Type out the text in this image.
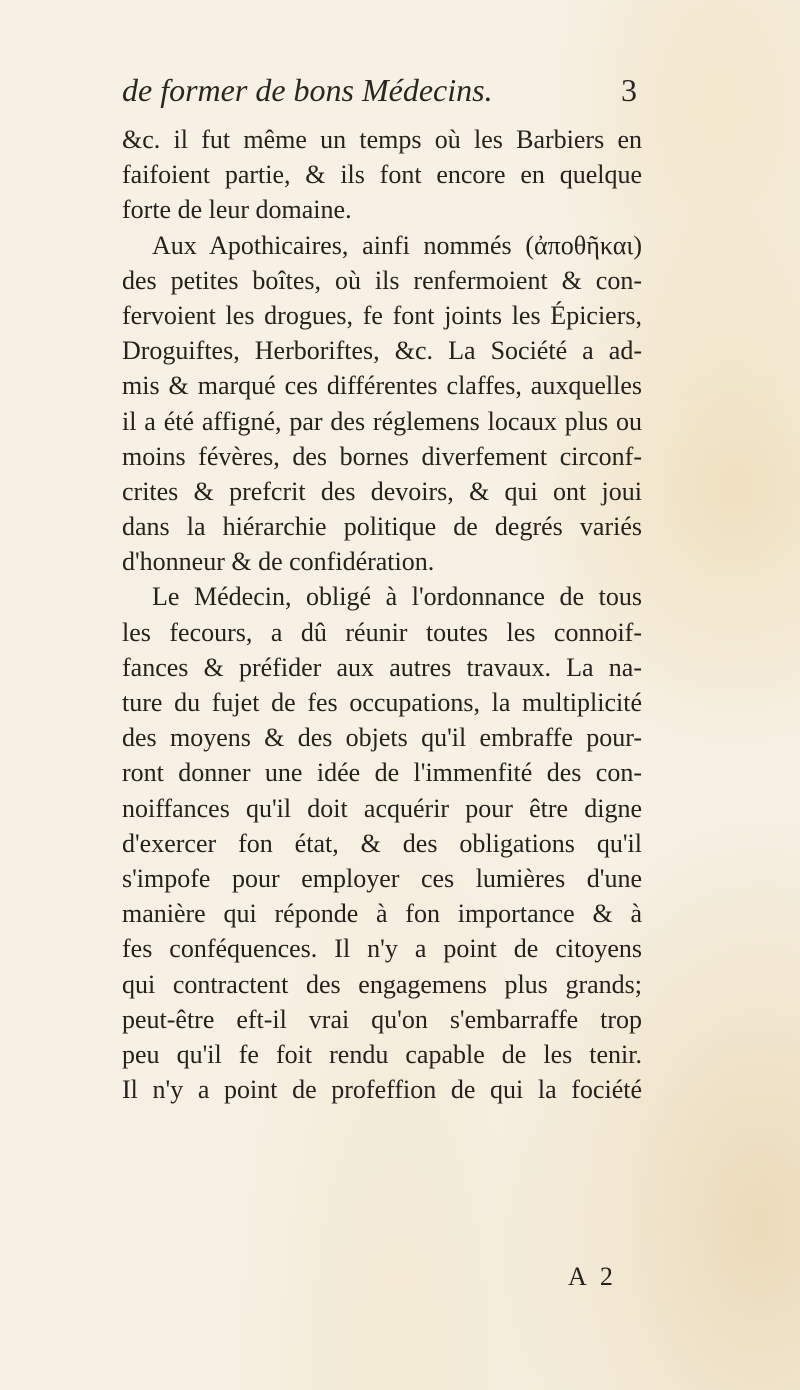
de former de bons Médecins.	3
&c. il fut même un temps où les Barbiers en
faifoient partie, & ils font encore en quelque
forte de leur domaine.
Aux Apothicaires, ainfi nommés (ἀποθῆκαι)
des petites boîtes, où ils renfermoient & con-
fervoient les drogues, fe font joints les Épiciers,
Droguiftes, Herboriftes, &c. La Société a ad-
mis & marqué ces différentes claffes, auxquelles
il a été affigné, par des réglemens locaux plus ou
moins févères, des bornes diverfement circonf-
crites & prefcrit des devoirs, & qui ont joui
dans la hiérarchie politique de degrés variés
d'honneur & de confidération.
Le Médecin, obligé à l'ordonnance de tous
les fecours, a dû réunir toutes les connoif-
fances & préfider aux autres travaux. La na-
ture du fujet de fes occupations, la multiplicité
des moyens & des objets qu'il embraffe pour-
ront donner une idée de l'immenfité des con-
noiffances qu'il doit acquérir pour être digne
d'exercer fon état, & des obligations qu'il
s'impofe pour employer ces lumières d'une
manière qui réponde à fon importance & à
fes conféquences. Il n'y a point de citoyens
qui contractent des engagemens plus grands;
peut-être eft-il vrai qu'on s'embarraffe trop
peu qu'il fe foit rendu capable de les tenir.
Il n'y a point de profeffion de qui la fociété
A 2
